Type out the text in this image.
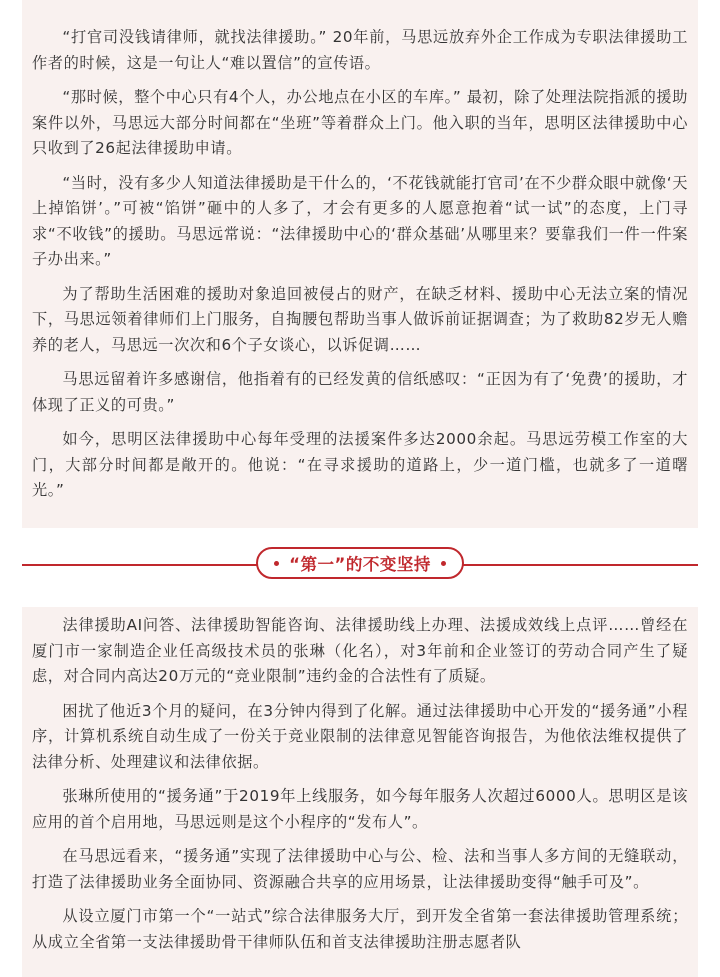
“打官司没钱请律师，就找法律援助。” 20年前，马思远放弃外企工作成为专职法律援助工作者的时候，这是一句让人“难以置信”的宣传语。

“那时候，整个中心只有4个人，办公地点在小区的车库。” 最初，除了处理法院指派的援助案件以外，马思远大部分时间都在“坐班”等着群众上门。他入职的当年，思明区法律援助中心只收到了26起法律援助申请。

“当时，没有多少人知道法律援助是干什么的，‘不花钱就能打官司’在不少群众眼中就像‘天上掉馅饼’。”可被“馅饼”砸中的人多了，才会有更多的人愿意抱着“试一试”的态度，上门寻求“不收钱”的援助。马思远常说：“法律援助中心的‘群众基础’从哪里来？要靠我们一件一件案子办出来。”

为了帮助生活困难的援助对象追回被侵占的财产，在缺乏材料、援助中心无法立案的情况下，马思远领着律师们上门服务，自掏腰包帮助当事人做诉前证据调查；为了救助82岁无人赡养的老人，马思远一次次和6个子女谈心，以诉促调……

马思远留着许多感谢信，他指着有的已经发黄的信纸感叹：“正因为有了‘免费’的援助，才体现了正义的可贵。”

如今，思明区法律援助中心每年受理的法援案件多达2000余起。马思远劳模工作室的大门，大部分时间都是敞开的。他说：“在寻求援助的道路上，少一道门槛，也就多了一道曙光。”

“第一”的不变坚持

法律援助AI问答、法律援助智能咨询、法律援助线上办理、法援成效线上点评……曾经在厦门市一家制造企业任高级技术员的张琳（化名），对3年前和企业签订的劳动合同产生了疑虑，对合同内高达20万元的“竞业限制”违约金的合法性有了质疑。

困扰了他近3个月的疑问，在3分钟内得到了化解。通过法律援助中心开发的“援务通”小程序，计算机系统自动生成了一份关于竞业限制的法律意见智能咨询报告，为他依法维权提供了法律分析、处理建议和法律依据。

张琳所使用的“援务通”于2019年上线服务，如今每年服务人次超过6000人。思明区是该应用的首个启用地，马思远则是这个小程序的“发布人”。

在马思远看来，“援务通”实现了法律援助中心与公、检、法和当事人多方间的无缝联动，打造了法律援助业务全面协同、资源融合共享的应用场景，让法律援助变得“触手可及”。

从设立厦门市第一个“一站式”综合法律服务大厅，到开发全省第一套法律援助管理系统；从成立全省第一支法律援助骨干律师队伍和首支法律援助注册志愿者队
